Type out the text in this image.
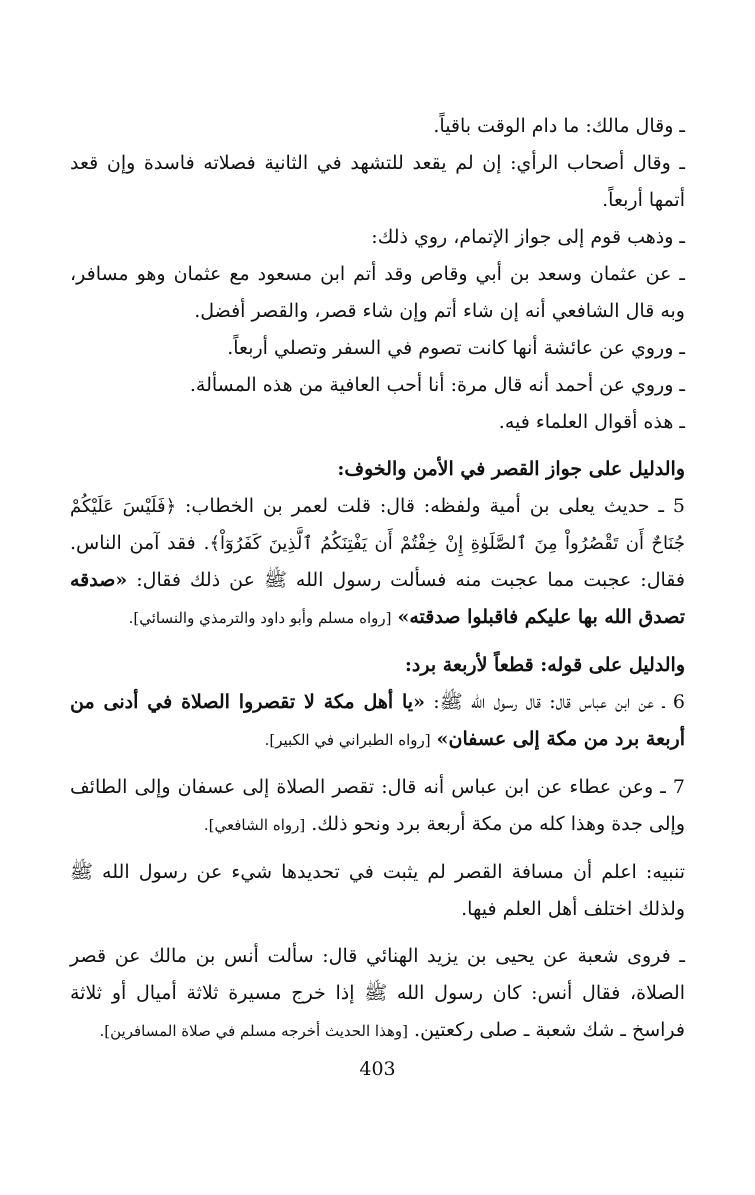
ـ وقال مالك: ما دام الوقت باقياً.

ـ وقال أصحاب الرأي: إن لم يقعد للتشهد في الثانية فصلاته فاسدة وإن قعد أتمها أربعاً.

ـ وذهب قوم إلى جواز الإتمام، روي ذلك:

ـ عن عثمان وسعد بن أبي وقاص وقد أتم ابن مسعود مع عثمان وهو مسافر، وبه قال الشافعي أنه إن شاء أتم وإن شاء قصر، والقصر أفضل.

ـ وروي عن عائشة أنها كانت تصوم في السفر وتصلي أربعاً.

ـ وروي عن أحمد أنه قال مرة: أنا أحب العافية من هذه المسألة.

ـ هذه أقوال العلماء فيه.

والدليل على جواز القصر في الأمن والخوف:

5 ـ حديث يعلى بن أمية ولفظه: قال: قلت لعمر بن الخطاب: ﴿فَلَيْسَ عَلَيْكُمْ جُنَاحٌ أَن تَقْصُرُواْ مِنَ ٱلصَّلَوٰةِ إِنْ خِفْتُمْ أَن يَفْتِنَكُمُ ٱلَّذِينَ كَفَرُوٓاْ﴾. فقد آمن الناس. فقال: عجبت مما عجبت منه فسألت رسول الله ﷺ عن ذلك فقال: «صدقه تصدق الله بها عليكم فاقبلوا صدقته» [رواه مسلم وأبو داود والترمذي والنسائي].

والدليل على قوله: قطعاً لأربعة برد:

6 ـ عن ابن عباس قال: قال رسول الله ﷺ: «يا أهل مكة لا تقصروا الصلاة في أدنى من أربعة برد من مكة إلى عسفان» [رواه الطبراني في الكبير].

7 ـ وعن عطاء عن ابن عباس أنه قال: تقصر الصلاة إلى عسفان وإلى الطائف وإلى جدة وهذا كله من مكة أربعة برد ونحو ذلك. [رواه الشافعي].

تنبيه: اعلم أن مسافة القصر لم يثبت في تحديدها شيء عن رسول الله ﷺ ولذلك اختلف أهل العلم فيها.

ـ فروى شعبة عن يحيى بن يزيد الهنائي قال: سألت أنس بن مالك عن قصر الصلاة، فقال أنس: كان رسول الله ﷺ إذا خرج مسيرة ثلاثة أميال أو ثلاثة فراسخ ـ شك شعبة ـ صلى ركعتين. [وهذا الحديث أخرجه مسلم في صلاة المسافرين].

403
